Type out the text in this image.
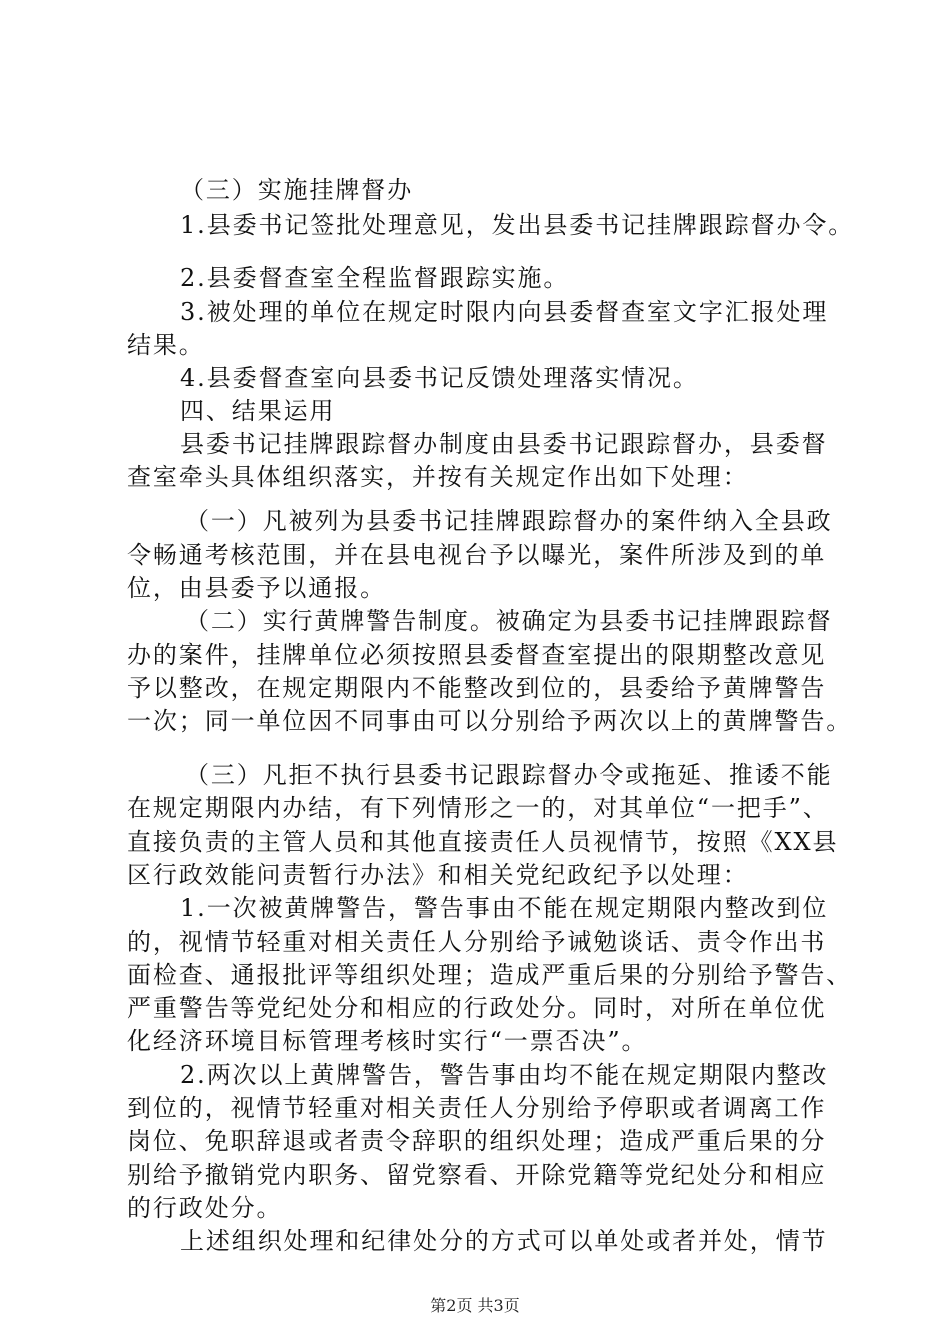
（三）实施挂牌督办
1.县委书记签批处理意见，发出县委书记挂牌跟踪督办令。
2.县委督查室全程监督跟踪实施。
3.被处理的单位在规定时限内向县委督查室文字汇报处理
结果。
4.县委督查室向县委书记反馈处理落实情况。
四、结果运用
县委书记挂牌跟踪督办制度由县委书记跟踪督办，县委督
查室牵头具体组织落实，并按有关规定作出如下处理：
（一）凡被列为县委书记挂牌跟踪督办的案件纳入全县政
令畅通考核范围，并在县电视台予以曝光，案件所涉及到的单
位，由县委予以通报。
（二）实行黄牌警告制度。被确定为县委书记挂牌跟踪督
办的案件，挂牌单位必须按照县委督查室提出的限期整改意见
予以整改，在规定期限内不能整改到位的，县委给予黄牌警告
一次；同一单位因不同事由可以分别给予两次以上的黄牌警告。
（三）凡拒不执行县委书记跟踪督办令或拖延、推诿不能
在规定期限内办结，有下列情形之一的，对其单位“一把手”、
直接负责的主管人员和其他直接责任人员视情节，按照《XX县
区行政效能问责暂行办法》和相关党纪政纪予以处理：
1.一次被黄牌警告，警告事由不能在规定期限内整改到位
的，视情节轻重对相关责任人分别给予诫勉谈话、责令作出书
面检查、通报批评等组织处理；造成严重后果的分别给予警告、
严重警告等党纪处分和相应的行政处分。同时，对所在单位优
化经济环境目标管理考核时实行“一票否决”。
2.两次以上黄牌警告，警告事由均不能在规定期限内整改
到位的，视情节轻重对相关责任人分别给予停职或者调离工作
岗位、免职辞退或者责令辞职的组织处理；造成严重后果的分
别给予撤销党内职务、留党察看、开除党籍等党纪处分和相应
的行政处分。
上述组织处理和纪律处分的方式可以单处或者并处，情节
第2页 共3页
